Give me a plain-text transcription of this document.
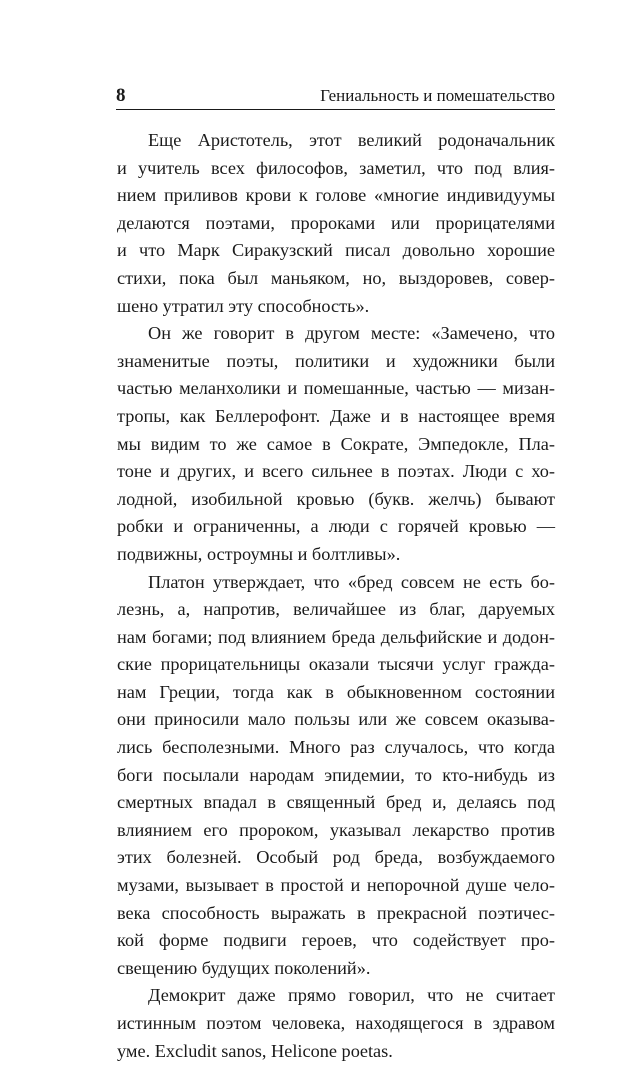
8	Гениальность и помешательство

Еще Аристотель, этот великий родоначальник
и учитель всех философов, заметил, что под влия-
нием приливов крови к голове «многие индивидуумы
делаются поэтами, пророками или прорицателями
и что Марк Сиракузский писал довольно хорошие
стихи, пока был маньяком, но, выздоровев, совер-
шено утратил эту способность».

Он же говорит в другом месте: «Замечено, что
знаменитые поэты, политики и художники были
частью меланхолики и помешанные, частью — мизан-
тропы, как Беллерофонт. Даже и в настоящее время
мы видим то же самое в Сократе, Эмпедокле, Пла-
тоне и других, и всего сильнее в поэтах. Люди с хо-
лодной, изобильной кровью (букв. желчь) бывают
робки и ограниченны, а люди с горячей кровью —
подвижны, остроумны и болтливы».

Платон утверждает, что «бред совсем не есть бо-
лезнь, а, напротив, величайшее из благ, даруемых
нам богами; под влиянием бреда дельфийские и додон-
ские прорицательницы оказали тысячи услуг гражда-
нам Греции, тогда как в обыкновенном состоянии
они приносили мало пользы или же совсем оказыва-
лись бесполезными. Много раз случалось, что когда
боги посылали народам эпидемии, то кто-нибудь из
смертных впадал в священный бред и, делаясь под
влиянием его пророком, указывал лекарство против
этих болезней. Особый род бреда, возбуждаемого
музами, вызывает в простой и непорочной душе чело-
века способность выражать в прекрасной поэтичес-
кой форме подвиги героев, что содействует про-
свещению будущих поколений».

Демокрит даже прямо говорил, что не считает
истинным поэтом человека, находящегося в здравом
уме. Excludit sanos, Helicone poetas.
